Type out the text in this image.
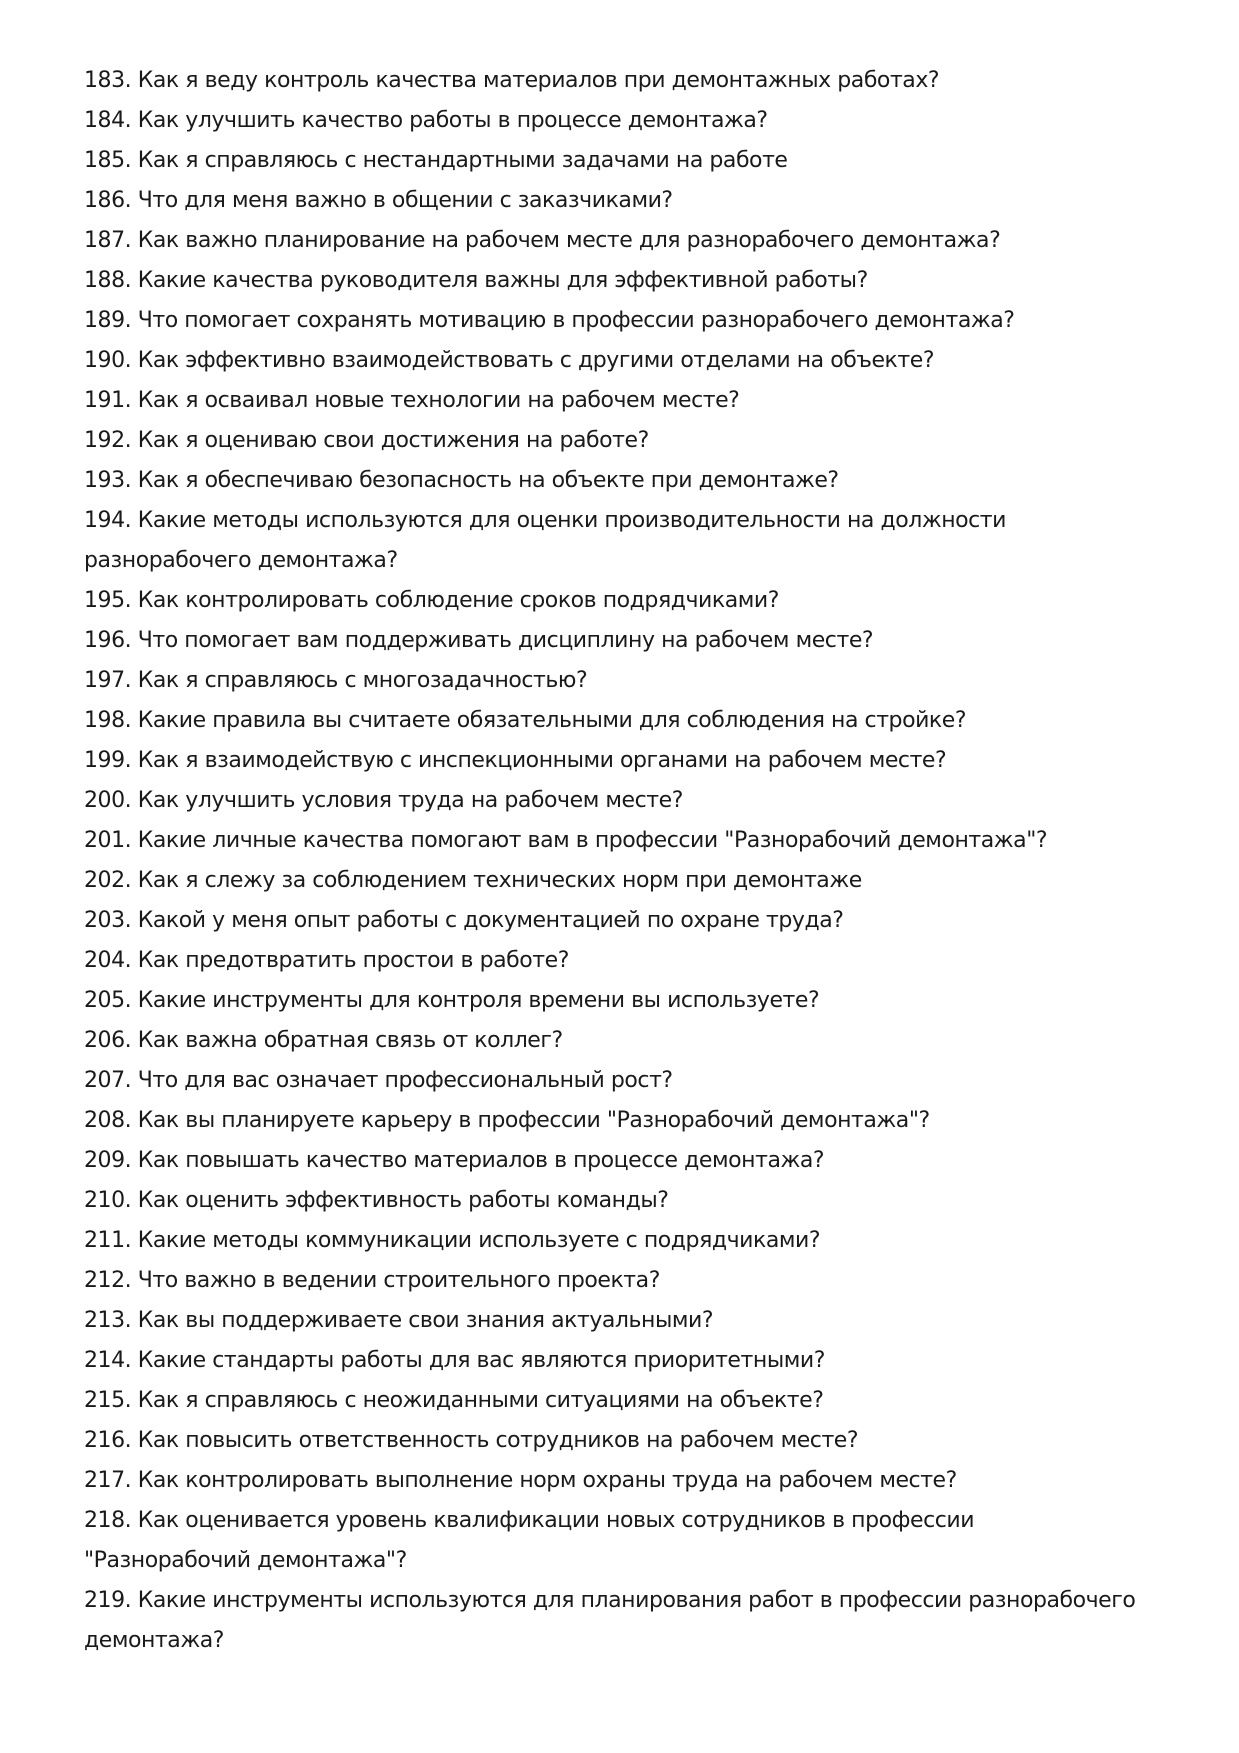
183. Как я веду контроль качества материалов при демонтажных работах?

184. Как улучшить качество работы в процессе демонтажа?

185. Как я справляюсь с нестандартными задачами на работе

186. Что для меня важно в общении с заказчиками?

187. Как важно планирование на рабочем месте для разнорабочего демонтажа?

188. Какие качества руководителя важны для эффективной работы?

189. Что помогает сохранять мотивацию в профессии разнорабочего демонтажа?

190. Как эффективно взаимодействовать с другими отделами на объекте?

191. Как я осваивал новые технологии на рабочем месте?

192. Как я оцениваю свои достижения на работе?

193. Как я обеспечиваю безопасность на объекте при демонтаже?

194. Какие методы используются для оценки производительности на должности разнорабочего демонтажа?

195. Как контролировать соблюдение сроков подрядчиками?

196. Что помогает вам поддерживать дисциплину на рабочем месте?

197. Как я справляюсь с многозадачностью?

198. Какие правила вы считаете обязательными для соблюдения на стройке?

199. Как я взаимодействую с инспекционными органами на рабочем месте?

200. Как улучшить условия труда на рабочем месте?

201. Какие личные качества помогают вам в профессии "Разнорабочий демонтажа"?

202. Как я слежу за соблюдением технических норм при демонтаже

203. Какой у меня опыт работы с документацией по охране труда?

204. Как предотвратить простои в работе?

205. Какие инструменты для контроля времени вы используете?

206. Как важна обратная связь от коллег?

207. Что для вас означает профессиональный рост?

208. Как вы планируете карьеру в профессии "Разнорабочий демонтажа"?

209. Как повышать качество материалов в процессе демонтажа?

210. Как оценить эффективность работы команды?

211. Какие методы коммуникации используете с подрядчиками?

212. Что важно в ведении строительного проекта?

213. Как вы поддерживаете свои знания актуальными?

214. Какие стандарты работы для вас являются приоритетными?

215. Как я справляюсь с неожиданными ситуациями на объекте?

216. Как повысить ответственность сотрудников на рабочем месте?

217. Как контролировать выполнение норм охраны труда на рабочем месте?

218. Как оценивается уровень квалификации новых сотрудников в профессии "Разнорабочий демонтажа"?

219. Какие инструменты используются для планирования работ в профессии разнорабочего демонтажа?
